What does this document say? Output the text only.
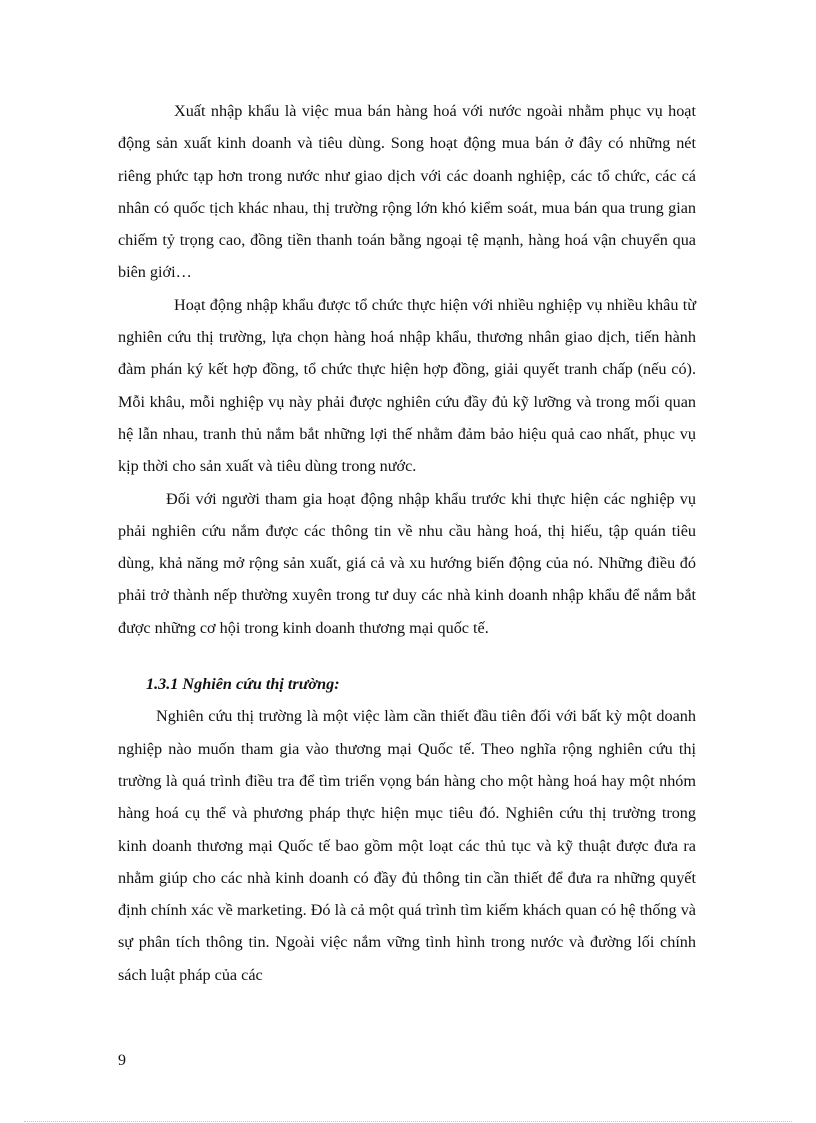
Xuất nhập khẩu là việc mua bán hàng hoá với nước ngoài nhằm phục vụ hoạt động sản xuất kinh doanh và tiêu dùng. Song hoạt động mua bán ở đây có những nét riêng phức tạp hơn trong nước như giao dịch với các doanh nghiệp, các tổ chức, các cá nhân có quốc tịch khác nhau, thị trường rộng lớn khó kiểm soát, mua bán qua trung gian chiếm tỷ trọng cao, đồng tiền thanh toán bằng ngoại tệ mạnh, hàng hoá vận chuyển qua biên giới…

Hoạt động nhập khẩu được tổ chức thực hiện với nhiều nghiệp vụ nhiều khâu từ nghiên cứu thị trường, lựa chọn hàng hoá nhập khẩu, thương nhân giao dịch, tiến hành đàm phán ký kết hợp đồng, tổ chức thực hiện hợp đồng, giải quyết tranh chấp (nếu có). Mỗi khâu, mỗi nghiệp vụ này phải được nghiên cứu đầy đủ kỹ lưỡng và trong mối quan hệ lẫn nhau, tranh thủ nắm bắt những lợi thế nhằm đảm bảo hiệu quả cao nhất, phục vụ kịp thời cho sản xuất và tiêu dùng trong nước.

Đối với người tham gia hoạt động nhập khẩu trước khi thực hiện các nghiệp vụ phải nghiên cứu nắm được các thông tin về nhu cầu hàng hoá, thị hiếu, tập quán tiêu dùng, khả năng mở rộng sản xuất, giá cả và xu hướng biến động của nó. Những điều đó phải trở thành nếp thường xuyên trong tư duy các nhà kinh doanh nhập khẩu để nắm bắt được những cơ hội trong kinh doanh thương mại quốc tế.

1.3.1 Nghiên cứu thị trường:

Nghiên cứu thị trường là một việc làm cần thiết đầu tiên đối với bất kỳ một doanh nghiệp nào muốn tham gia vào thương mại Quốc tế. Theo nghĩa rộng nghiên cứu thị trường là quá trình điều tra để tìm triển vọng bán hàng cho một hàng hoá hay một nhóm hàng hoá cụ thể và phương pháp thực hiện mục tiêu đó. Nghiên cứu thị trường trong kinh doanh thương mại Quốc tế bao gồm một loạt các thủ tục và kỹ thuật được đưa ra nhằm giúp cho các nhà kinh doanh có đầy đủ thông tin cần thiết để đưa ra những quyết định chính xác về marketing. Đó là cả một quá trình tìm kiếm khách quan có hệ thống và sự phân tích thông tin. Ngoài việc nắm vững tình hình trong nước và đường lối chính sách luật pháp của các

9
